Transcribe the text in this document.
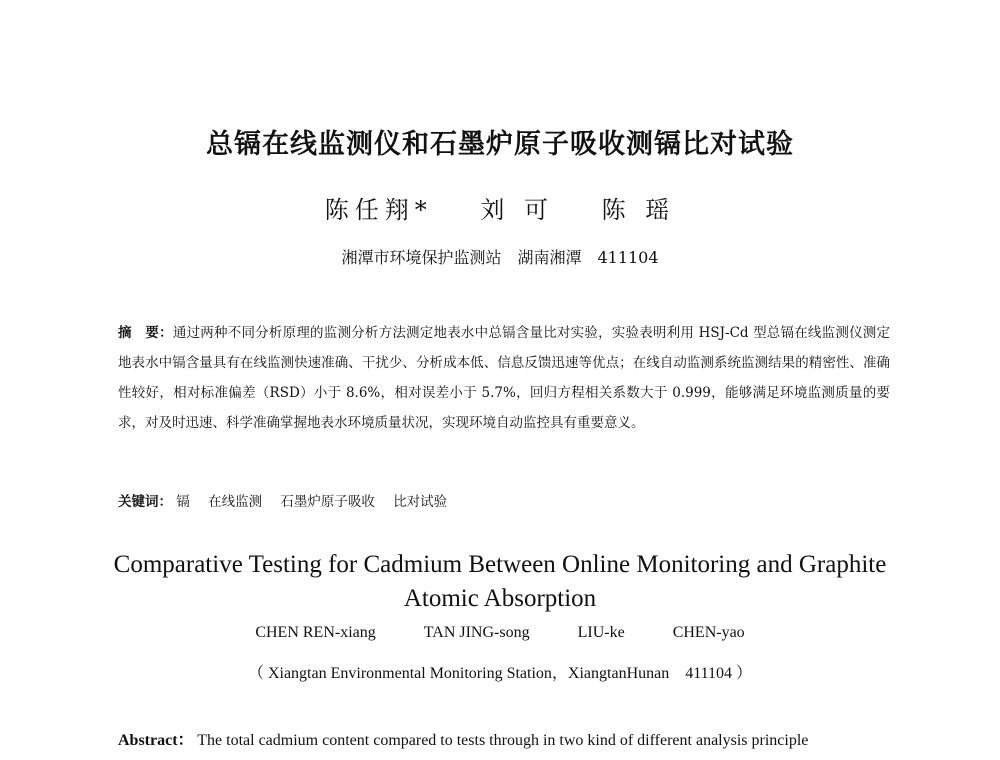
总镉在线监测仪和石墨炉原子吸收测镉比对试验
陈任翔* 刘 可 陈 瑶
湘潭市环境保护监测站　湖南湘潭　411104
摘　要：通过两种不同分析原理的监测分析方法测定地表水中总镉含量比对实验，实验表明利用 HSJ-Cd 型总镉在线监测仪测定地表水中镉含量具有在线监测快速准确、干扰少、分析成本低、信息反馈迅速等优点；在线自动监测系统监测结果的精密性、准确性较好，相对标准偏差（RSD）小于 8.6%，相对误差小于 5.7%，回归方程相关系数大于 0.999，能够满足环境监测质量的要求，对及时迅速、科学准确掌握地表水环境质量状况，实现环境自动监控具有重要意义。
关键词： 镉 在线监测 石墨炉原子吸收 比对试验
Comparative Testing for Cadmium Between Online Monitoring and Graphite
Atomic Absorption
CHEN REN-xiang	TAN JING-song	LIU-ke	CHEN-yao
（ Xiangtan Environmental Monitoring Station，XiangtanHunan　411104 ）
Abstract： The total cadmium content compared to tests through in two kind of different analysis principle
